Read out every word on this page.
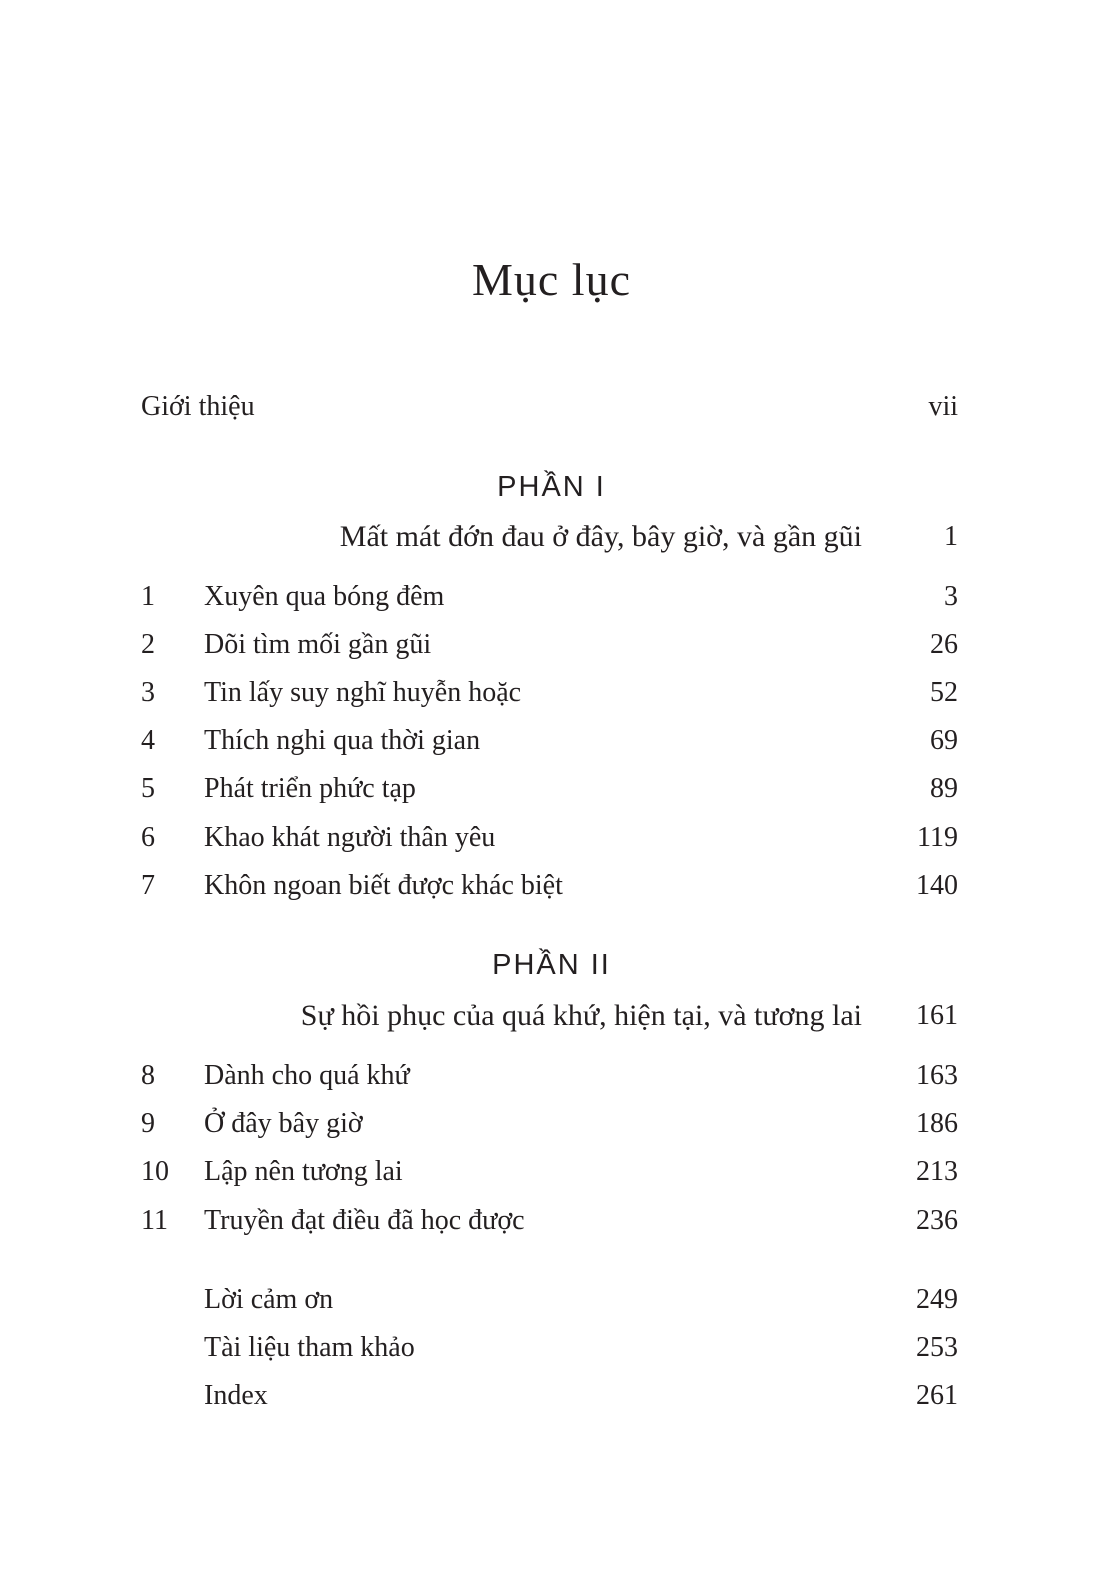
Mục lục
Giới thiệu	vii
PHẦN I
Mất mát đớn đau ở đây, bây giờ, và gần gũi	1
1 Xuyên qua bóng đêm	3
2 Dõi tìm mối gần gũi	26
3 Tin lấy suy nghĩ huyễn hoặc	52
4 Thích nghi qua thời gian	69
5 Phát triển phức tạp	89
6 Khao khát người thân yêu	119
7 Khôn ngoan biết được khác biệt	140
PHẦN II
Sự hồi phục của quá khứ, hiện tại, và tương lai 161
8 Dành cho quá khứ	163
9 Ở đây bây giờ	186
10 Lập nên tương lai	213
11 Truyền đạt điều đã học được	236
Lời cảm ơn	249
Tài liệu tham khảo	253
Index	261
